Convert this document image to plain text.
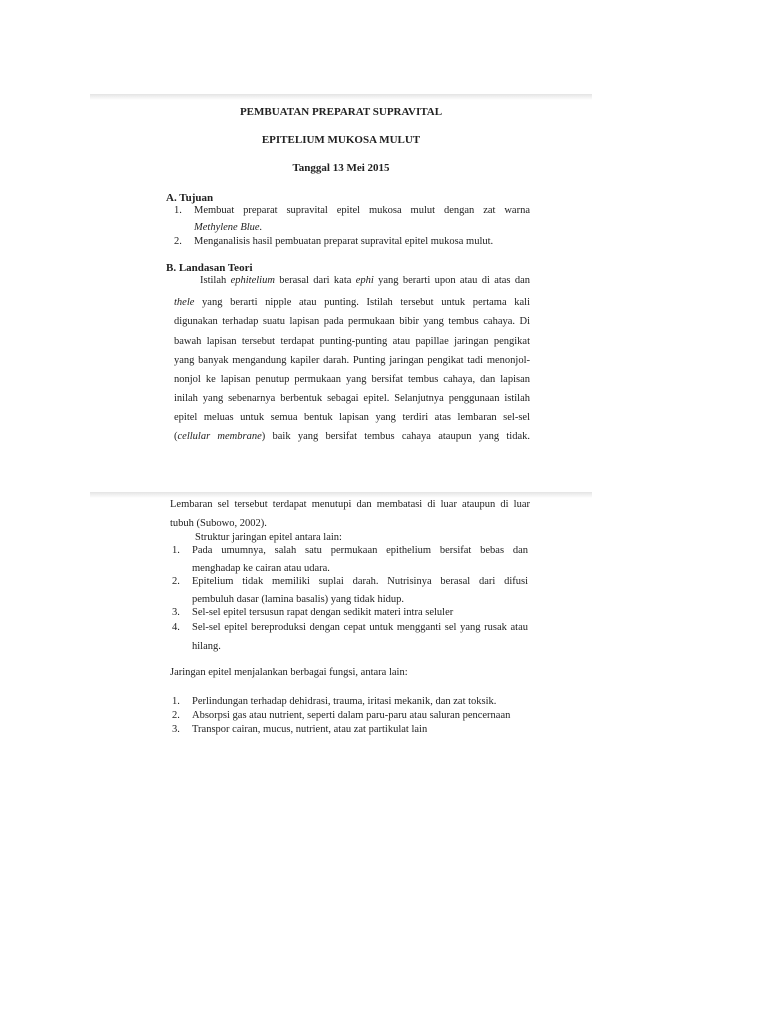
PEMBUATAN PREPARAT SUPRAVITAL
EPITELIUM MUKOSA MULUT
Tanggal 13 Mei 2015
A. Tujuan
1. Membuat preparat supravital epitel mukosa mulut dengan zat warna
Methylene Blue.
2. Menganalisis hasil pembuatan preparat supravital epitel mukosa mulut.
B. Landasan Teori
Istilah ephitelium berasal dari kata ephi yang berarti upon atau di atas dan
thele yang berarti nipple atau punting. Istilah tersebut untuk pertama kali
digunakan terhadap suatu lapisan pada permukaan bibir yang tembus cahaya. Di
bawah lapisan tersebut terdapat punting-punting atau papillae jaringan pengikat
yang banyak mengandung kapiler darah. Punting jaringan pengikat tadi menonjol-
nonjol ke lapisan penutup permukaan yang bersifat tembus cahaya, dan lapisan
inilah yang sebenarnya berbentuk sebagai epitel. Selanjutnya penggunaan istilah
epitel meluas untuk semua bentuk lapisan yang terdiri atas lembaran sel-sel
(cellular membrane) baik yang bersifat tembus cahaya ataupun yang tidak.
Lembaran sel tersebut terdapat menutupi dan membatasi di luar ataupun di luar
tubuh (Subowo, 2002).
Struktur jaringan epitel antara lain:
1. Pada umumnya, salah satu permukaan epithelium bersifat bebas dan
menghadap ke cairan atau udara.
2. Epitelium tidak memiliki suplai darah. Nutrisinya berasal dari difusi
pembuluh dasar (lamina basalis) yang tidak hidup.
3. Sel-sel epitel tersusun rapat dengan sedikit materi intra seluler
4. Sel-sel epitel bereproduksi dengan cepat untuk mengganti sel yang rusak atau
hilang.
Jaringan epitel menjalankan berbagai fungsi, antara lain:
1. Perlindungan terhadap dehidrasi, trauma, iritasi mekanik, dan zat toksik.
2. Absorpsi gas atau nutrient, seperti dalam paru-paru atau saluran pencernaan
3. Transpor cairan, mucus, nutrient, atau zat partikulat lain
